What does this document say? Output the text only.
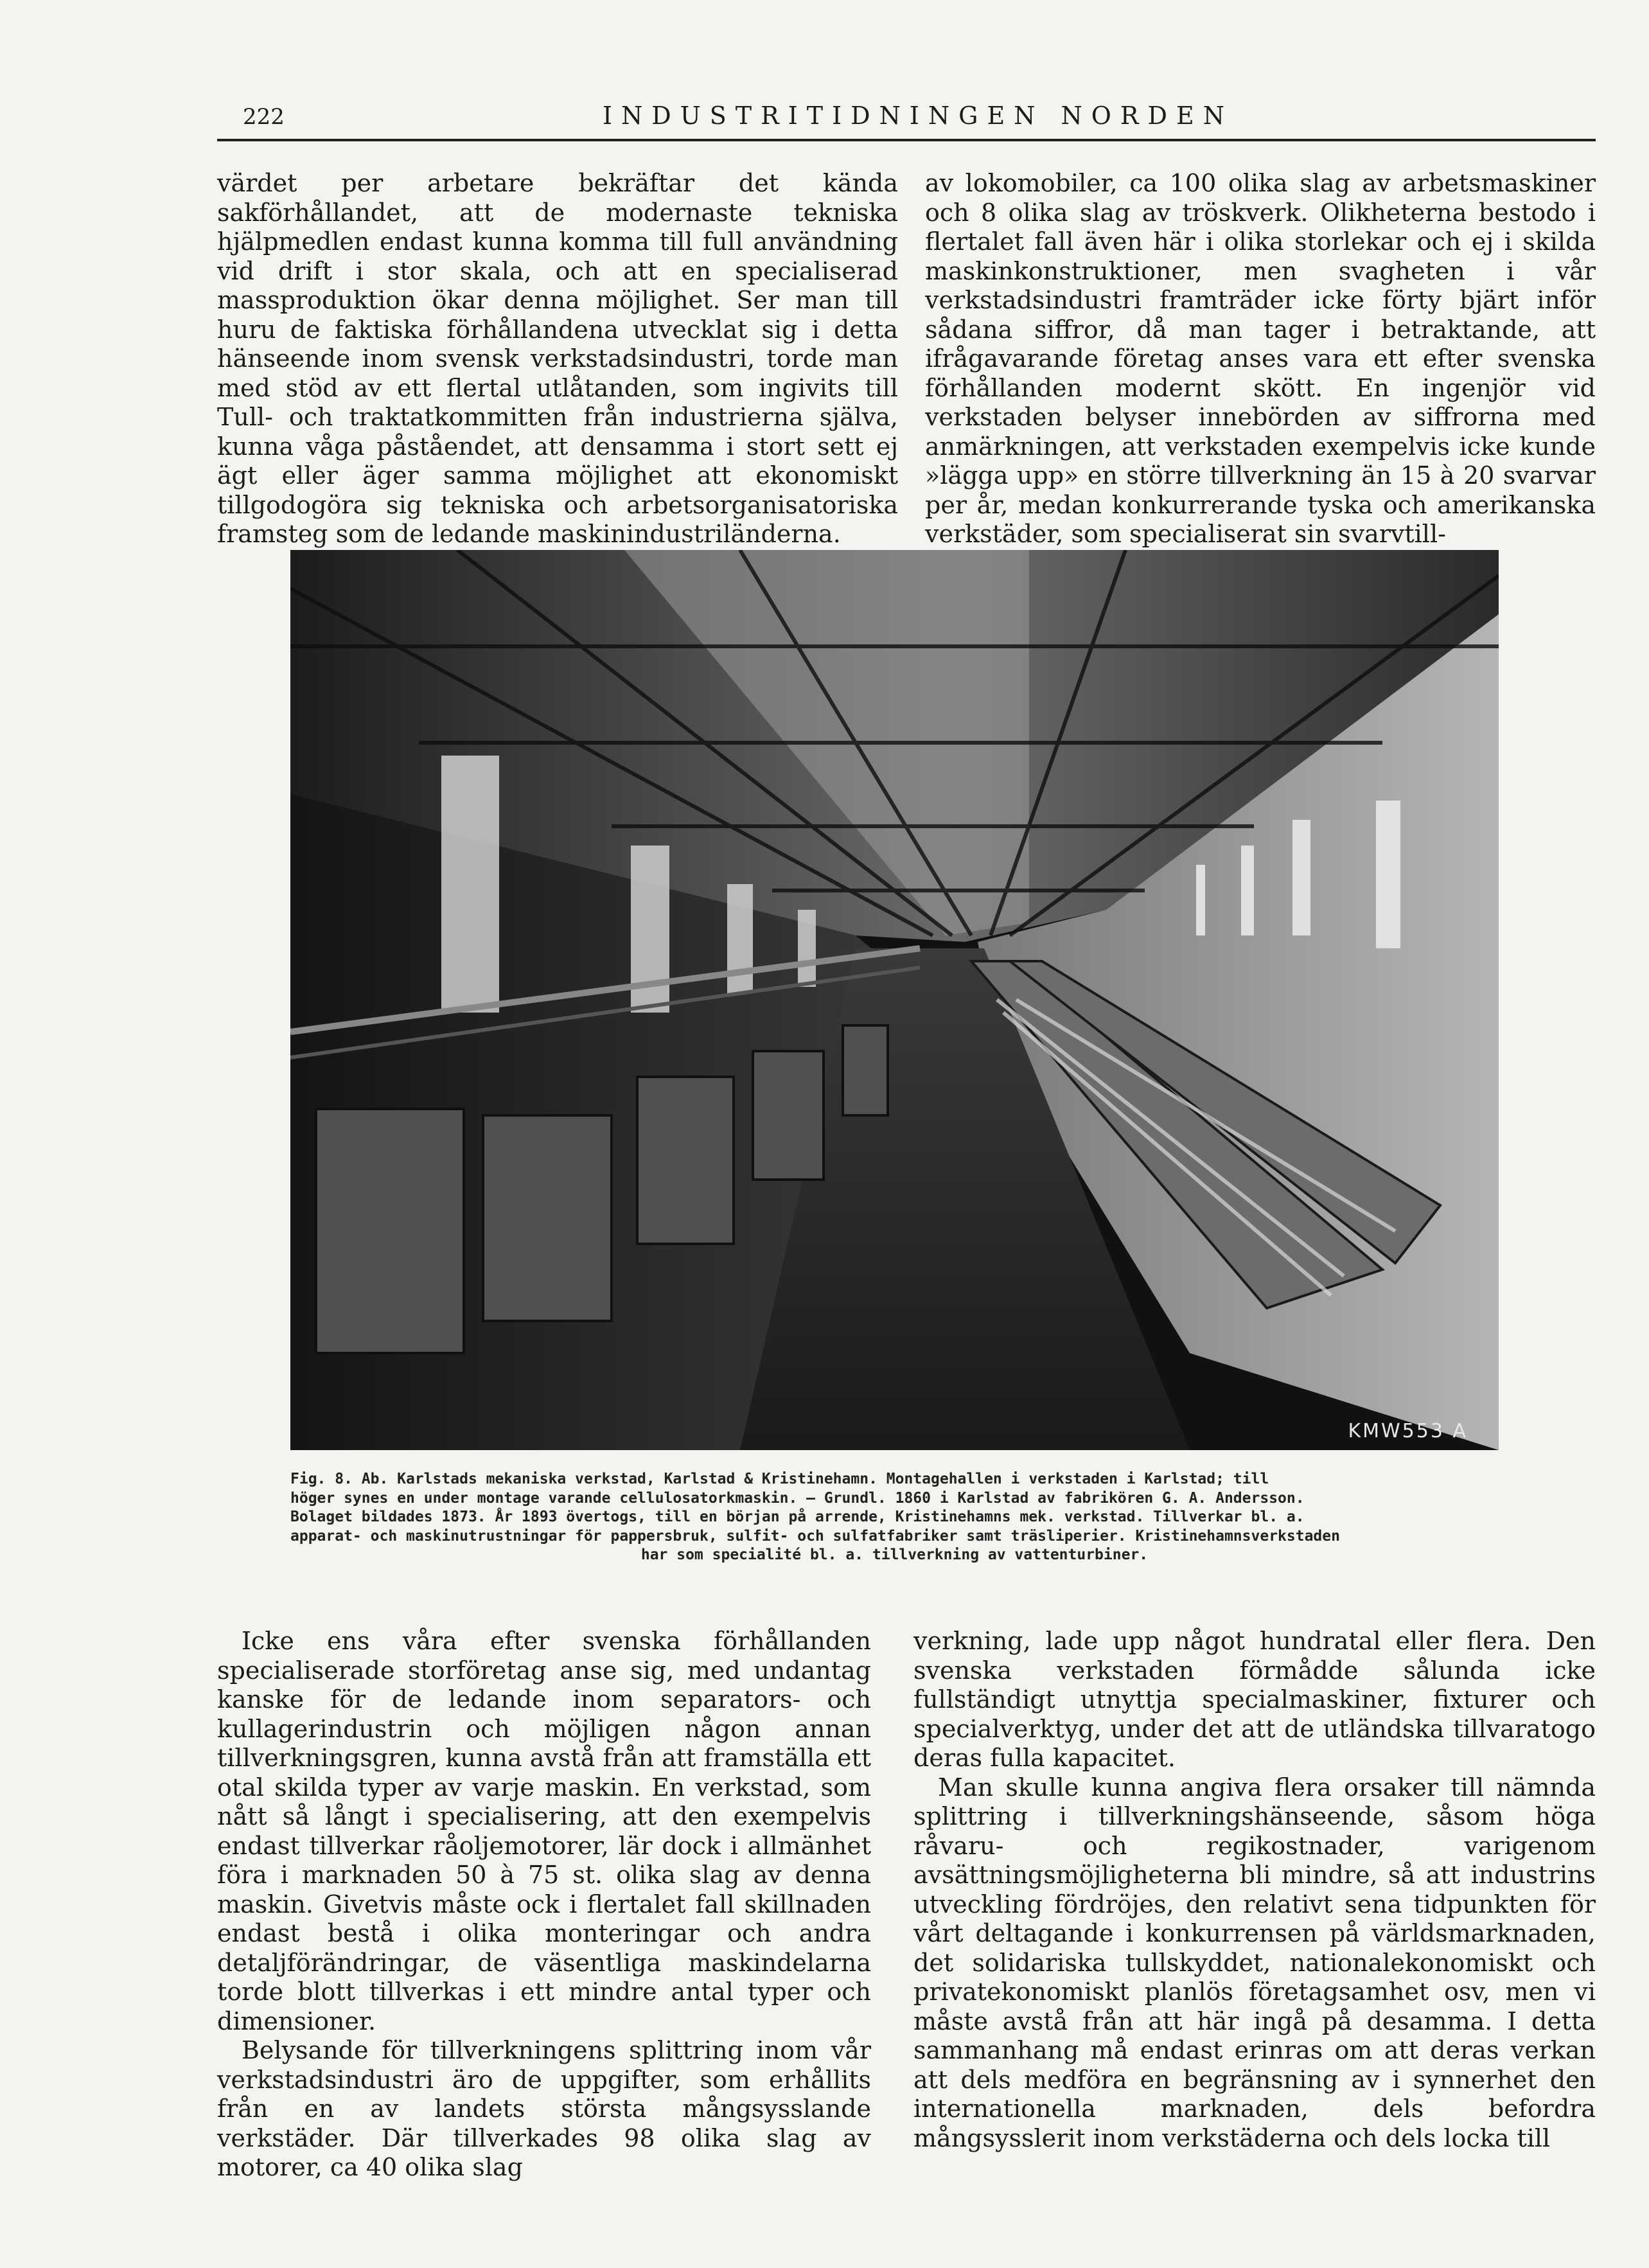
222	INDUSTRITIDNINGEN NORDEN

värdet per arbetare bekräftar det kända sakförhållandet, att de modernaste tekniska hjälpmedlen endast kunna komma till full användning vid drift i stor skala, och att en specialiserad massproduktion ökar denna möjlighet. Ser man till huru de faktiska förhållandena utvecklat sig i detta hänseende inom svensk verkstadsindustri, torde man med stöd av ett flertal utlåtanden, som ingivits till Tull- och traktatkommitten från industrierna själva, kunna våga påståendet, att densamma i stort sett ej ägt eller äger samma möjlighet att ekonomiskt tillgodogöra sig tekniska och arbetsorganisatoriska framsteg som de ledande maskinindustriländerna.

av lokomobiler, ca 100 olika slag av arbetsmaskiner och 8 olika slag av tröskverk. Olikheterna bestodo i flertalet fall även här i olika storlekar och ej i skilda maskinkonstruktioner, men svagheten i vår verkstadsindustri framträder icke förty bjärt inför sådana siffror, då man tager i betraktande, att ifrågavarande företag anses vara ett efter svenska förhållanden modernt skött. En ingenjör vid verkstaden belyser innebörden av siffrorna med anmärkningen, att verkstaden exempelvis icke kunde »lägga upp» en större tillverkning än 15 à 20 svarvar per år, medan konkurrerande tyska och amerikanska verkstäder, som specialiserat sin svarvtill-

KMW553 A

Fig. 8. Ab. Karlstads mekaniska verkstad, Karlstad & Kristinehamn. Montagehallen i verkstaden i Karlstad; till

höger synes en under montage varande cellulosatorkmaskin. — Grundl. 1860 i Karlstad av fabrikören G. A. Andersson.

Bolaget bildades 1873. År 1893 övertogs, till en början på arrende, Kristinehamns mek. verkstad. Tillverkar bl. a.

apparat- och maskinutrustningar för pappersbruk, sulfit- och sulfatfabriker samt träsliperier. Kristinehamnsverkstaden

har som specialité bl. a. tillverkning av vattenturbiner.

Icke ens våra efter svenska förhållanden specialiserade storföretag anse sig, med undantag kanske för de ledande inom separators- och kullagerindustrin och möjligen någon annan tillverkningsgren, kunna avstå från att framställa ett otal skilda typer av varje maskin. En verkstad, som nått så långt i specialisering, att den exempelvis endast tillverkar råoljemotorer, lär dock i allmänhet föra i marknaden 50 à 75 st. olika slag av denna maskin. Givetvis måste ock i flertalet fall skillnaden endast bestå i olika monteringar och andra detaljförändringar, de väsentliga maskindelarna torde blott tillverkas i ett mindre antal typer och dimensioner.

Belysande för tillverkningens splittring inom vår verkstadsindustri äro de uppgifter, som erhållits från en av landets största mångsysslande verkstäder. Där tillverkades 98 olika slag av motorer, ca 40 olika slag

verkning, lade upp något hundratal eller flera. Den svenska verkstaden förmådde sålunda icke fullständigt utnyttja specialmaskiner, fixturer och specialverktyg, under det att de utländska tillvaratogo deras fulla kapacitet.

Man skulle kunna angiva flera orsaker till nämnda splittring i tillverkningshänseende, såsom höga råvaru- och regikostnader, varigenom avsättningsmöjligheterna bli mindre, så att industrins utveckling fördröjes, den relativt sena tidpunkten för vårt deltagande i konkurrensen på världsmarknaden, det solidariska tullskyddet, nationalekonomiskt och privatekonomiskt planlös företagsamhet osv, men vi måste avstå från att här ingå på desamma. I detta sammanhang må endast erinras om att deras verkan att dels medföra en begränsning av i synnerhet den internationella marknaden, dels befordra mångsysslerit inom verkstäderna och dels locka till
